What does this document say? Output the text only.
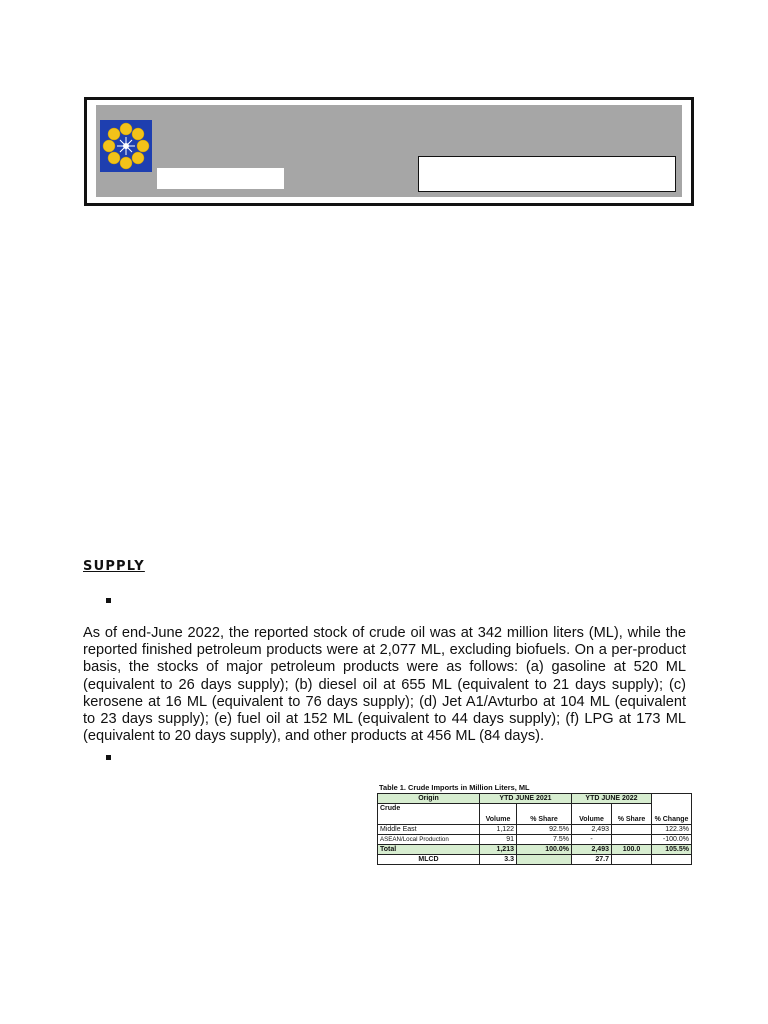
SUPPLY
As of end-June 2022, the reported stock of crude oil was at 342 million liters (ML), while the reported finished petroleum products were at 2,077 ML, excluding biofuels. On a per-product basis, the stocks of major petroleum products were as follows: (a) gasoline at 520 ML (equivalent to 26 days supply); (b) diesel oil at 655 ML (equivalent to 21 days supply); (c) kerosene at 16 ML (equivalent to 76 days supply); (d) Jet A1/Avturbo at 104 ML (equivalent to 23 days supply); (e) fuel oil at 152 ML (equivalent to 44 days supply); (f) LPG at 173 ML (equivalent to 20 days supply), and other products at 456 ML (84 days).
Table 1. Crude Imports in Million Liters, ML
Origin	YTD JUNE 2021		YTD JUNE 2022		% Change
Crude	Volume	% Share	Volume	% Share	
Middle East	1,122	92.5%	2,493		122.3%
ASEAN/Local Production	91	7.5%	-		-100.0%
Total	1,213	100.0%	2,493	100.0	105.5%
MLCD	3.3		27.7		
